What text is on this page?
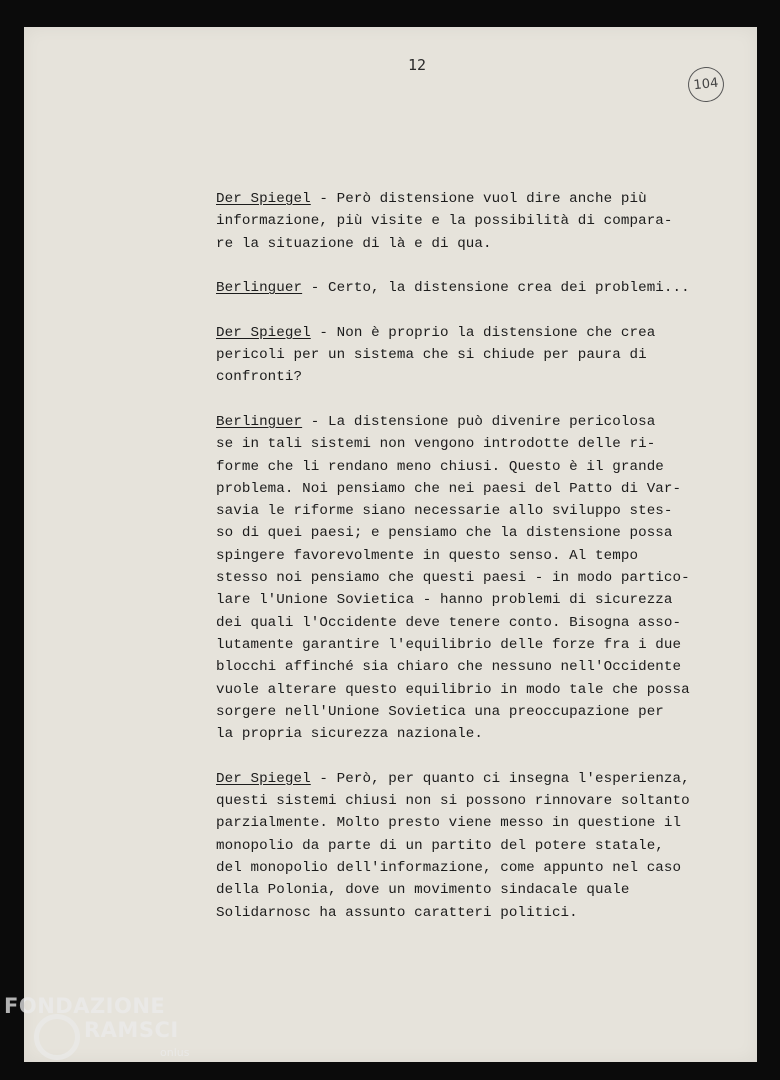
12
104

Der Spiegel - Però distensione vuol dire anche più
informazione, più visite e la possibilità di compara-
re la situazione di là e di qua.

Berlinguer - Certo, la distensione crea dei problemi...

Der Spiegel - Non è proprio la distensione che crea
pericoli per un sistema che si chiude per paura di
confronti?

Berlinguer - La distensione può divenire pericolosa
se in tali sistemi non vengono introdotte delle ri-
forme che li rendano meno chiusi. Questo è il grande
problema. Noi pensiamo che nei paesi del Patto di Var-
savia le riforme siano necessarie allo sviluppo stes-
so di quei paesi; e pensiamo che la distensione possa
spingere favorevolmente in questo senso. Al tempo
stesso noi pensiamo che questi paesi - in modo partico-
lare l'Unione Sovietica - hanno problemi di sicurezza
dei quali l'Occidente deve tenere conto. Bisogna asso-
lutamente garantire l'equilibrio delle forze fra i due
blocchi affinché sia chiaro che nessuno nell'Occidente
vuole alterare questo equilibrio in modo tale che possa
sorgere nell'Unione Sovietica una preoccupazione per
la propria sicurezza nazionale.

Der Spiegel - Però, per quanto ci insegna l'esperienza,
questi sistemi chiusi non si possono rinnovare soltanto
parzialmente. Molto presto viene messo in questione il
monopolio da parte di un partito del potere statale,
del monopolio dell'informazione, come appunto nel caso
della Polonia, dove un movimento sindacale quale
Solidarnosc ha assunto caratteri politici.

FONDAZIONE
RAMSCI
onlus
